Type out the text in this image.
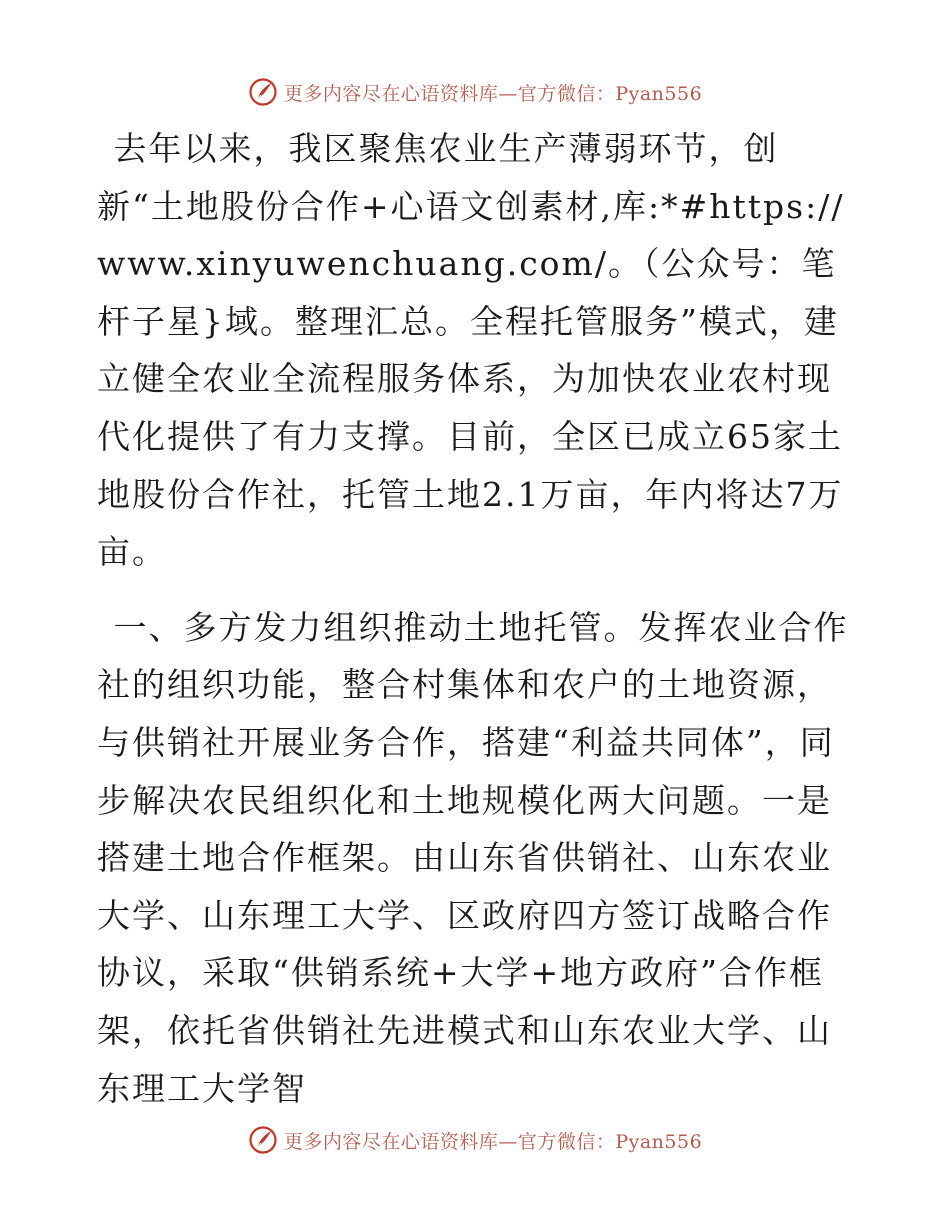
更多内容尽在心语资料库—官方微信：Pyan556

去年以来，我区聚焦农业生产薄弱环节，创新“土地股份合作+心语文创素材,库:*#https://www.xinyuwenchuang.com/。（公众号：笔杆子星}域。整理汇总。全程托管服务”模式，建立健全农业全流程服务体系，为加快农业农村现代化提供了有力支撑。目前，全区已成立65家土地股份合作社，托管土地2.1万亩，年内将达7万亩。

一、多方发力组织推动土地托管。发挥农业合作社的组织功能，整合村集体和农户的土地资源，与供销社开展业务合作，搭建“利益共同体”，同步解决农民组织化和土地规模化两大问题。一是搭建土地合作框架。由山东省供销社、山东农业大学、山东理工大学、区政府四方签订战略合作协议，采取“供销系统+大学+地方政府”合作框架，依托省供销社先进模式和山东农业大学、山东理工大学智

更多内容尽在心语资料库—官方微信：Pyan556
